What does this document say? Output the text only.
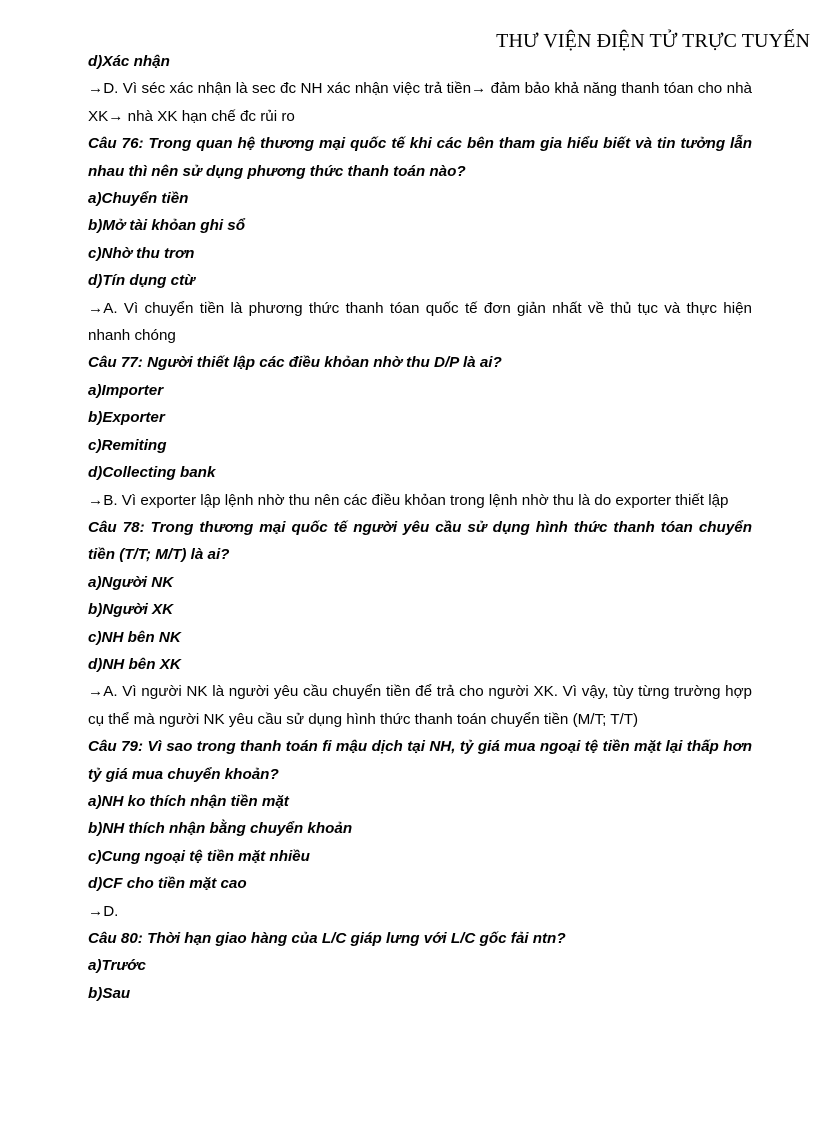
THƯ VIỆN ĐIỆN TỬ TRỰC TUYẾN

d)Xác nhận

→D. Vì séc xác nhận là sec đc NH xác nhận việc trả tiền→ đảm bảo khả năng thanh tóan cho nhà XK→ nhà XK hạn chế đc rủi ro

Câu 76: Trong quan hệ thương mại quốc tế khi các bên tham gia hiểu biết và tin tưởng lẫn nhau thì nên sử dụng phương thức thanh toán nào?

a)Chuyển tiền

b)Mở tài khỏan ghi sổ

c)Nhờ thu trơn

d)Tín dụng ctừ

→A. Vì chuyển tiền là phương thức thanh tóan quốc tế đơn giản nhất về thủ tục và thực hiện nhanh chóng

Câu 77: Người thiết lập các điều khỏan nhờ thu D/P là ai?

a)Importer

b)Exporter

c)Remiting

d)Collecting bank

→B. Vì exporter lập lệnh nhờ thu nên các điều khỏan trong lệnh nhờ thu là do exporter thiết lập

Câu 78: Trong thương mại quốc tế người yêu cầu sử dụng hình thức thanh tóan chuyển tiền (T/T; M/T) là ai?

a)Người NK

b)Người XK

c)NH bên NK

d)NH bên XK

→A. Vì người NK là người yêu cầu chuyển tiền để trả cho người XK. Vì vậy, tùy từng trường hợp cụ thể mà người NK yêu cầu sử dụng hình thức thanh toán chuyển tiền (M/T; T/T)

Câu 79: Vì sao trong thanh toán fi mậu dịch tại NH, tỷ giá mua ngoại tệ tiền mặt lại thấp hơn tỷ giá mua chuyển khoản?

a)NH ko thích nhận tiền mặt

b)NH thích nhận bằng chuyển khoản

c)Cung ngoại tệ tiền mặt nhiều

d)CF cho tiền mặt cao

→D.

Câu 80: Thời hạn giao hàng của L/C giáp lưng với L/C gốc fải ntn?

a)Trước

b)Sau
